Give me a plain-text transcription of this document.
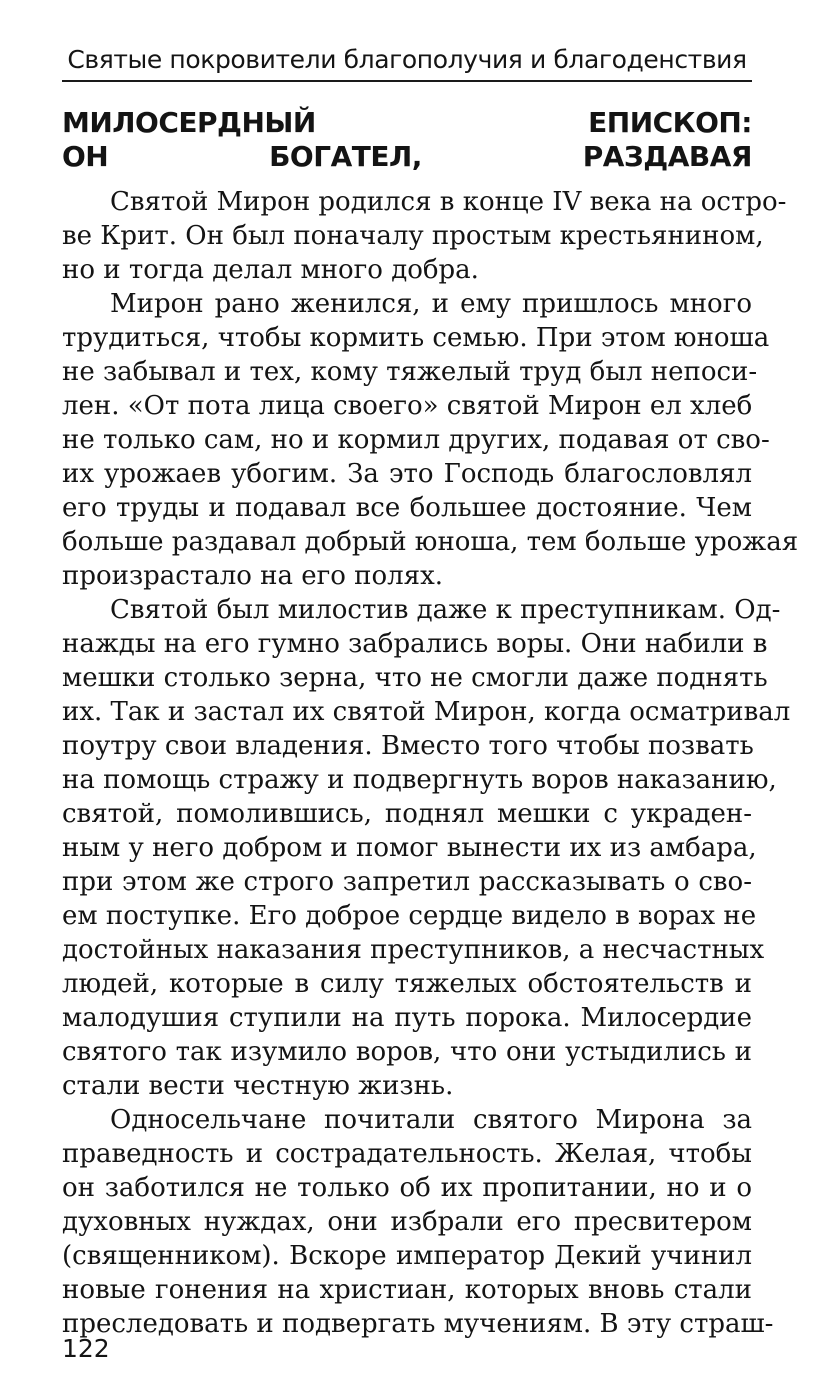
Святые покровители благополучия и благоденствия
МИЛОСЕРДНЫЙ ЕПИСКОП:
ОН БОГАТЕЛ, РАЗДАВАЯ
Святой Мирон родился в конце IV века на остро-
ве Крит. Он был поначалу простым крестьянином,
но и тогда делал много добра.
Мирон рано женился, и ему пришлось много
трудиться, чтобы кормить семью. При этом юноша
не забывал и тех, кому тяжелый труд был непоси-
лен. «От пота лица своего» святой Мирон ел хлеб
не только сам, но и кормил других, подавая от сво-
их урожаев убогим. За это Господь благословлял
его труды и подавал все большее достояние. Чем
больше раздавал добрый юноша, тем больше урожая
произрастало на его полях.
Святой был милостив даже к преступникам. Од-
нажды на его гумно забрались воры. Они набили в
мешки столько зерна, что не смогли даже поднять
их. Так и застал их святой Мирон, когда осматривал
поутру свои владения. Вместо того чтобы позвать
на помощь стражу и подвергнуть воров наказанию,
святой, помолившись, поднял мешки с украден-
ным у него добром и помог вынести их из амбара,
при этом же строго запретил рассказывать о сво-
ем поступке. Его доброе сердце видело в ворах не
достойных наказания преступников, а несчастных
людей, которые в силу тяжелых обстоятельств и
малодушия ступили на путь порока. Милосердие
святого так изумило воров, что они устыдились и
стали вести честную жизнь.
Односельчане почитали святого Мирона за
праведность и сострадательность. Желая, чтобы
он заботился не только об их пропитании, но и о
духовных нуждах, они избрали его пресвитером
(священником). Вскоре император Декий учинил
новые гонения на христиан, которых вновь стали
преследовать и подвергать мучениям. В эту страш-
122
